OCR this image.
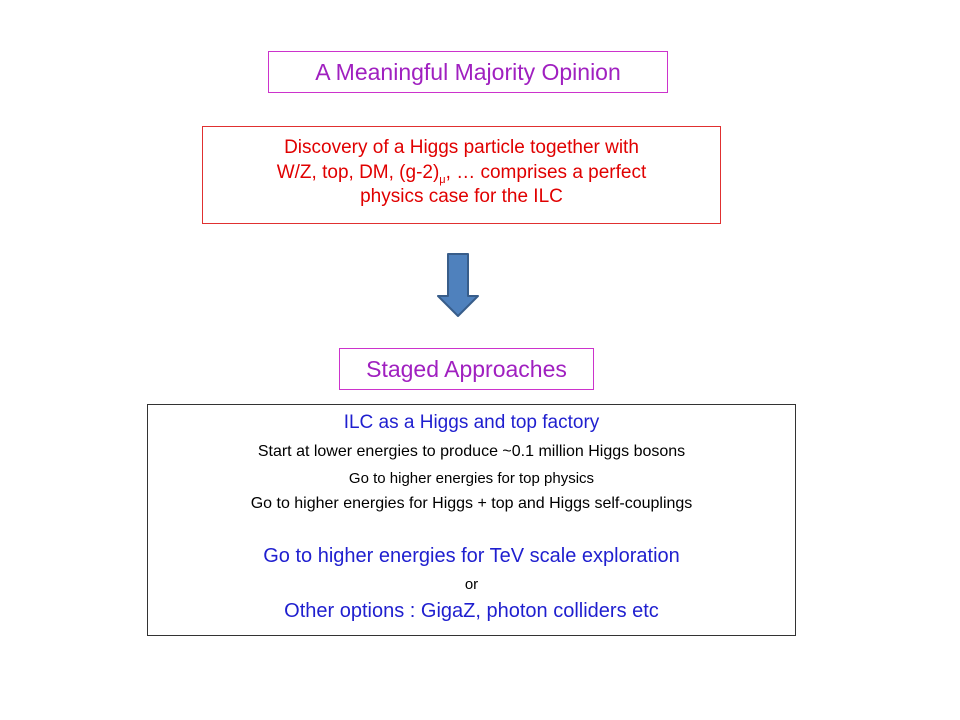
A Meaningful Majority Opinion
Discovery of a Higgs particle together with
W/Z, top, DM, $(g-2)_\mu$, … comprises a perfect
physics case for the ILC
Staged Approaches
ILC as a Higgs and top factory
Start at lower energies to produce ~0.1 million Higgs bosons
Go to higher energies for top physics
Go to higher energies for Higgs + top and Higgs self-couplings
Go to higher energies for TeV scale exploration
or
Other options : GigaZ, photon colliders etc
